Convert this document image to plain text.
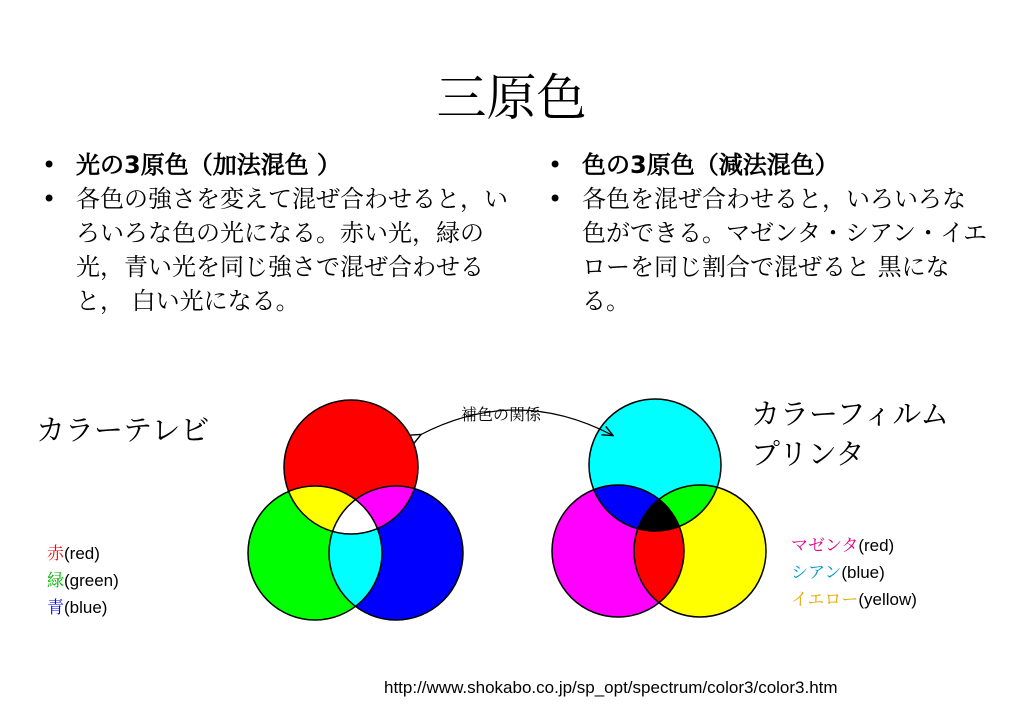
三原色
• 光の3原色（加法混色 ）
• 各色の強さを変えて混ぜ合わせると，いろいろな色の光になる。赤い光，緑の光，青い光を同じ強さで混ぜ合わせると， 白い光になる。
• 色の3原色（減法混色）
• 各色を混ぜ合わせると，いろいろな色ができる。マゼンタ・シアン・イエローを同じ割合で混ぜると 黒になる。
補色の関係
カラーテレビ	カラーフィルム
プリンタ
赤(red)
緑(green)
青(blue)
マゼンタ(red)
シアン(blue)
イエロー(yellow)
http://www.shokabo.co.jp/sp_opt/spectrum/color3/color3.htm
